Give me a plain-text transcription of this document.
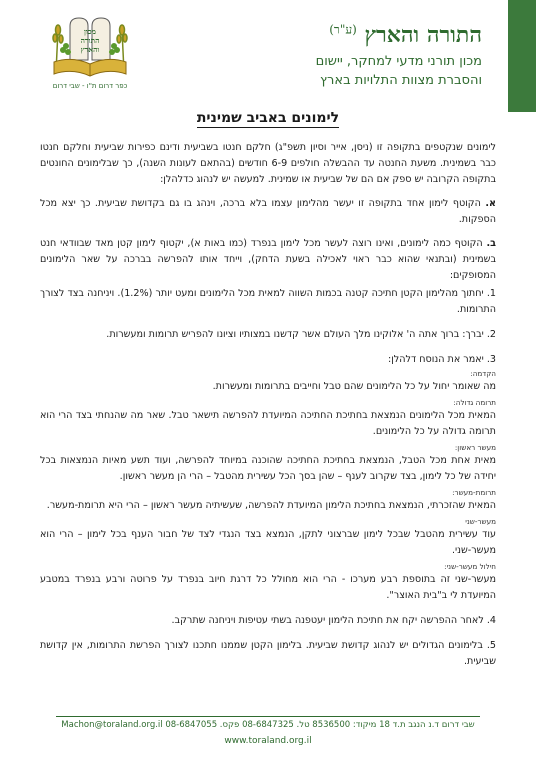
התורה והארץ $^{(ע"ר)}$
מכון תורני מדעי למחקר, יישום
והסברת מצוות התלויות בארץ
מכון
התורה
והארץ
כפר דרום ת"ו - שבי דרום
לימונים באביב שמינית

לימונים שנקטפים בתקופה זו (ניסן, אייר וסיון תשפ"ג) חלקם חנטו בשביעית ודינם כפירות שביעית וחלקם חנטו כבר בשמינית. משעת החנטה עד ההבשלה חולפים 6-9 חודשים (בהתאם לעונות השנה), כך שבלימונים החונטים בתקופה הקרובה יש ספק אם הם של שביעית או שמינית. למעשה יש לנהוג כדלהלן:

א. הקוטף לימון אחד בתקופה זו יעשר מהלימון עצמו בלא ברכה, וינהג בו גם בקדושת שביעית. כך יצא מכל הספקות.

ב. הקוטף כמה לימונים, ואינו רוצה לעשר מכל לימון בנפרד (כמו באות א), יקטוף לימון קטן מאד שבוודאי חנט בשמינית (ובתנאי שהוא כבר ראוי לאכילה בשעת הדחק), וייחד אותו להפרשה בברכה על שאר הלימונים המסופקים:

1. יחתוך מהלימון הקטן חתיכה קטנה בכמות השווה למאית מכל הלימונים ומעט יותר (1.2%). ויניחנה בצד לצורך התרומות.
2. יברך: ברוך אתה ה' אלוקינו מלך העולם אשר קדשנו במצותיו וציונו להפריש תרומות ומעשרות.
3. יאמר את הנוסח דלהלן:
הקדמה:
מה שאומר יחול על כל הלימונים שהם טבל וחייבים בתרומות ומעשרות.
תרומה גדולה:
המאית מכל הלימונים הנמצאת בחתיכת החתיכה המיועדת להפרשה תישאר טבל. שאר מה שהנחתי בצד הרי הוא תרומה גדולה על כל הלימונים.
מעשר ראשון:
מאית אחת מכל הטבל, הנמצאת בחתיכת החתיכה שהוכנה במיוחד להפרשה, ועוד תשע מאיות הנמצאות בכל יחידה של כל לימון, בצד שקרוב לענף – שהן בסך הכל עשירית מהטבל – הרי הן מעשר ראשון.
תרומת-מעשר:
המאית שהזכרתי, הנמצאת בחתיכת הלימון המיועדת להפרשה, שעשיתיה מעשר ראשון – הרי היא תרומת-מעשר.
מעשר-שני
עוד עשירית מהטבל שבכל לימון שברצוני לתקן, הנמצא בצד הנגדי לצד של חבור הענף בכל לימון – הרי הוא מעשר-שני.
חילול מעשר-שני:
מעשר-שני זה בתוספת רבע מערכו - הרי הוא מחולל כל דרגת חיוב בנפרד על פרוטה ורבע בנפרד במטבע המיועדת לי ב"בית האוצר".
4. לאחר ההפרשה יקח את חתיכת הלימון יעטפנה בשתי עטיפות ויניחנה שתרקב.
5. בלימונים הגדולים יש לנהוג קדושת שביעית. בלימון הקטן שממנו חתכנו לצורך הפרשת התרומות, אין קדושת שביעית.
שבי דרום ד.נ הנגב ת.ד 18 מיקוד: 8536500 טל. 08-6847325 פקס. 08-6847055 Machon@toraland.org.il
www.toraland.org.il
